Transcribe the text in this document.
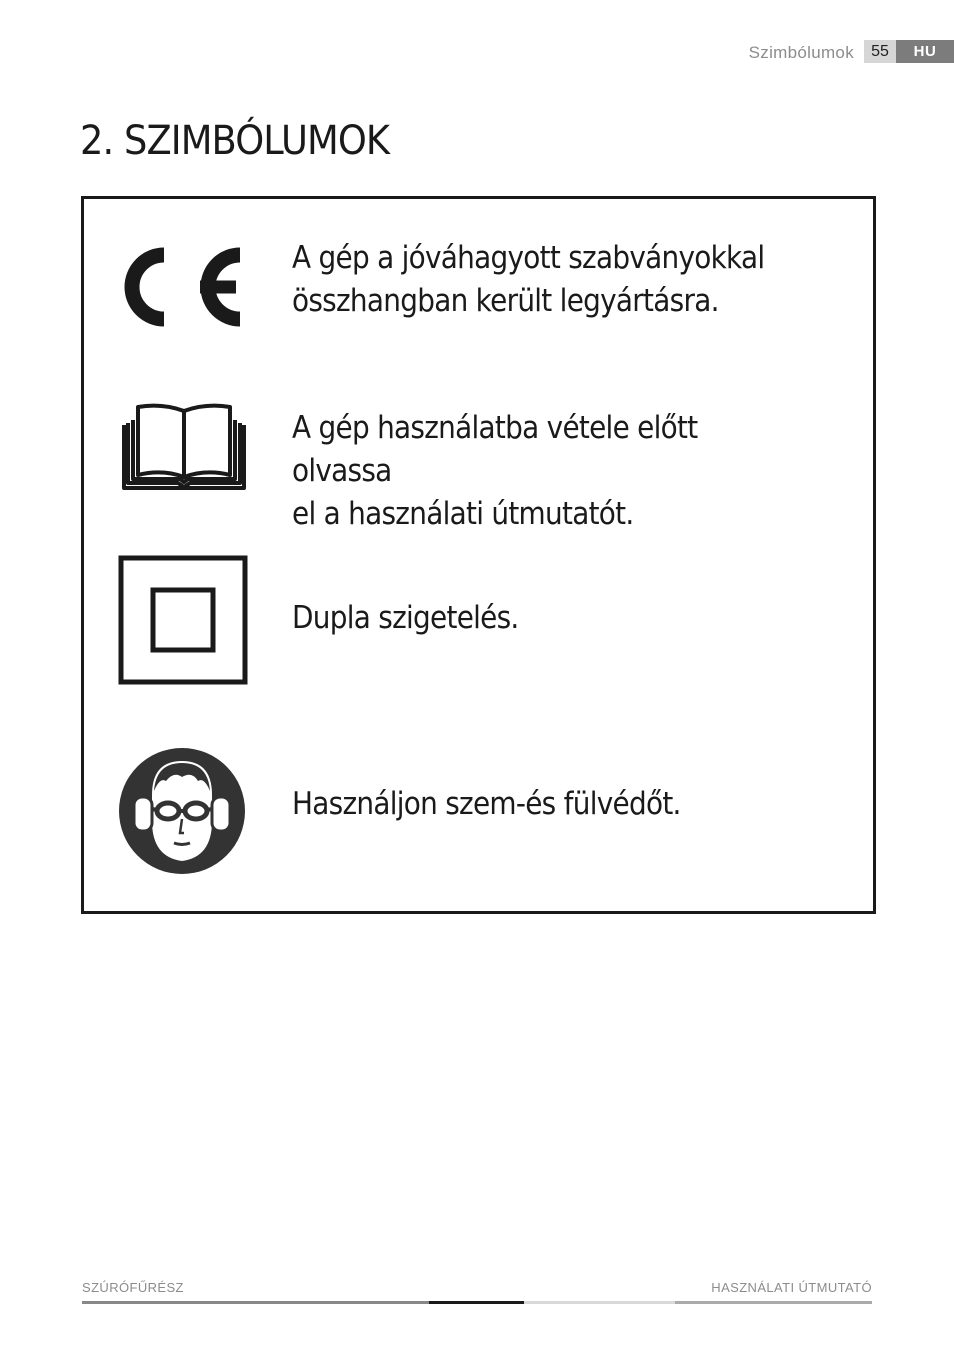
Szimbólumok	55	HU
2. SZIMBÓLUMOK
A gép a jóváhagyott szabványokkal
összhangban került legyártásra.
A gép használatba vétele előtt olvassa
el a használati útmutatót.
Dupla szigetelés.
Használjon szem-és fülvédőt.
SZÚRÓFŰRÉSZ	HASZNÁLATI ÚTMUTATÓ
